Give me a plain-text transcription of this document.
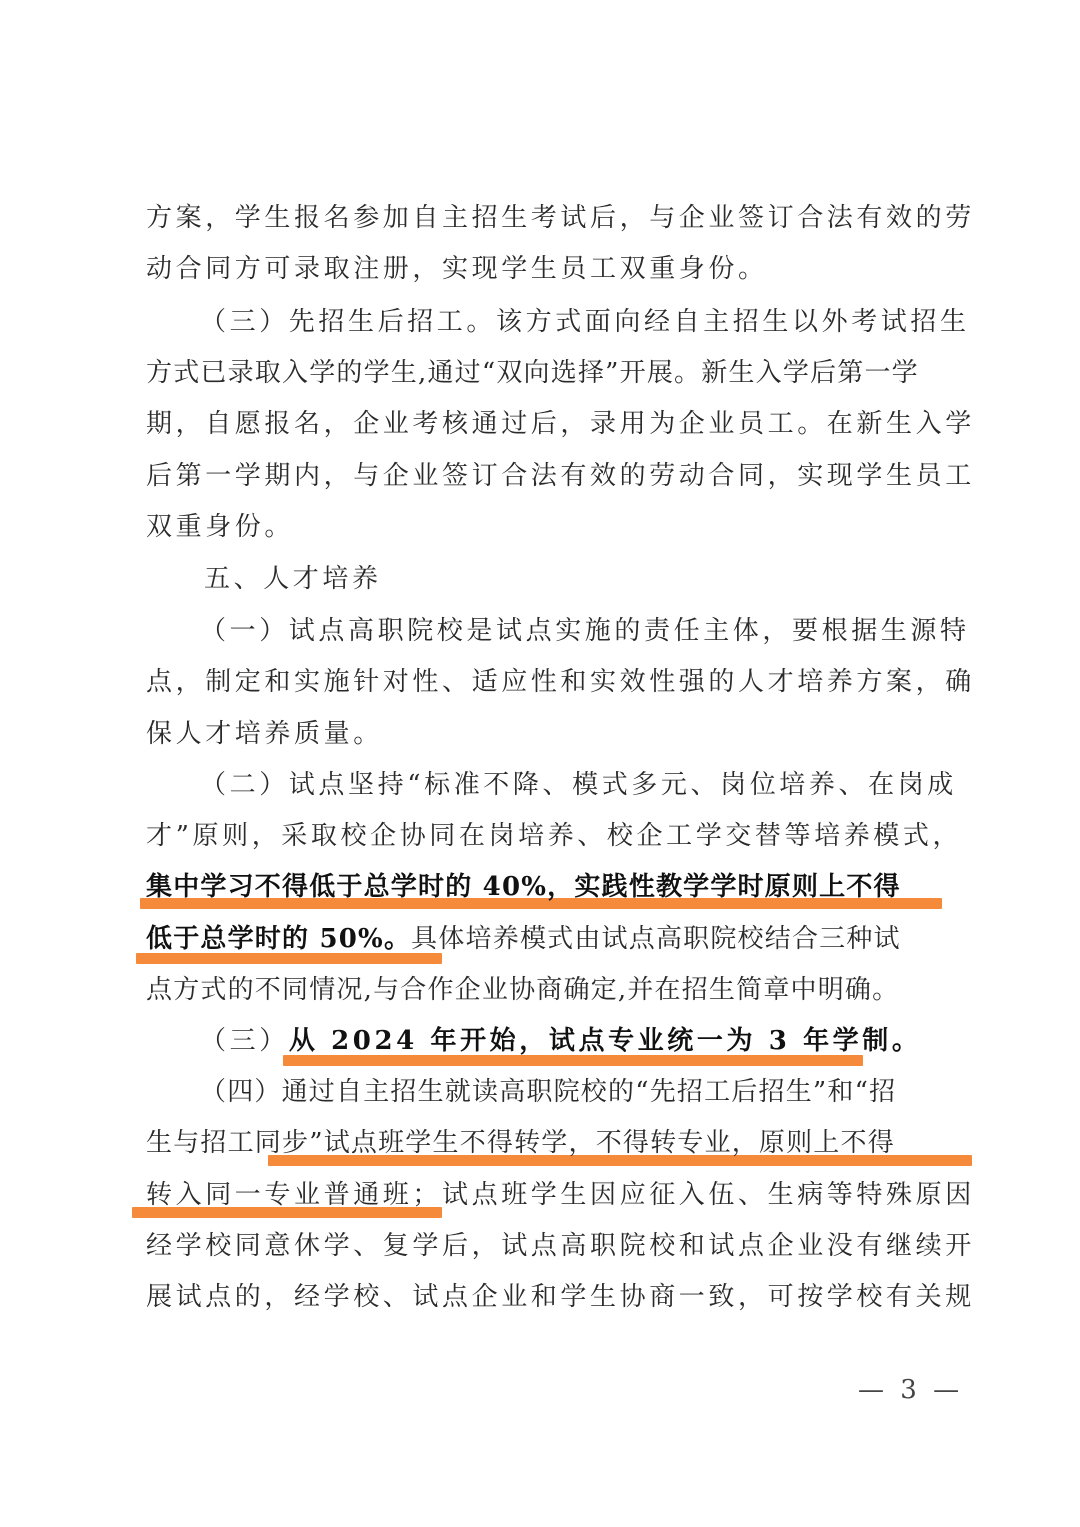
方案，学生报名参加自主招生考试后，与企业签订合法有效的劳
动合同方可录取注册，实现学生员工双重身份。
（三）先招生后招工。该方式面向经自主招生以外考试招生
方式已录取入学的学生,通过“双向选择”开展。新生入学后第一学
期，自愿报名，企业考核通过后，录用为企业员工。在新生入学
后第一学期内，与企业签订合法有效的劳动合同，实现学生员工
双重身份。
五、人才培养
（一）试点高职院校是试点实施的责任主体，要根据生源特
点，制定和实施针对性、适应性和实效性强的人才培养方案，确
保人才培养质量。
（二）试点坚持“标准不降、模式多元、岗位培养、在岗成
才”原则，采取校企协同在岗培养、校企工学交替等培养模式，
集中学习不得低于总学时的 40%，实践性教学学时原则上不得
低于总学时的 50%。具体培养模式由试点高职院校结合三种试
点方式的不同情况,与合作企业协商确定,并在招生简章中明确。
（三）从 2024 年开始，试点专业统一为 3 年学制。
（四）通过自主招生就读高职院校的“先招工后招生”和“招
生与招工同步”试点班学生不得转学，不得转专业，原则上不得
转入同一专业普通班；试点班学生因应征入伍、生病等特殊原因
经学校同意休学、复学后，试点高职院校和试点企业没有继续开
展试点的，经学校、试点企业和学生协商一致，可按学校有关规
— 3 —
